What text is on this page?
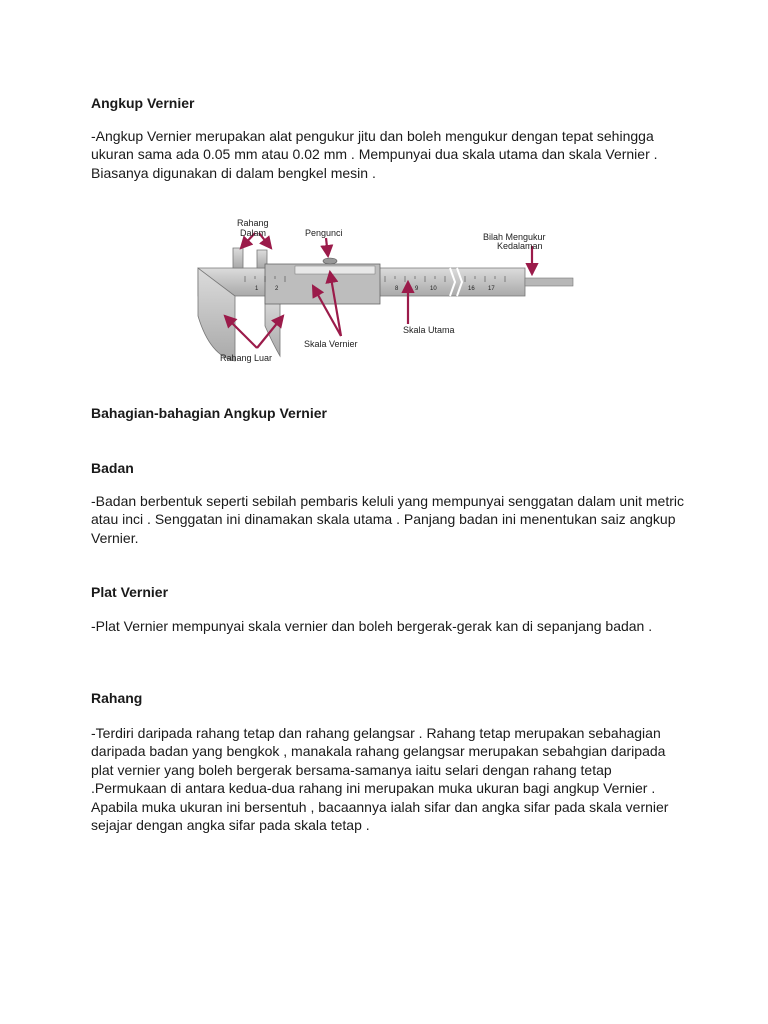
Angkup Vernier

-Angkup Vernier merupakan alat pengukur jitu dan boleh mengukur dengan tepat sehingga ukuran sama ada 0.05 mm atau 0.02 mm . Mempunyai dua skala utama dan skala Vernier . Biasanya digunakan di dalam bengkel mesin .

1	2	8	9 10	16 17
Rahang
Dalam	Pengunci	Bilah Mengukur
Kedalaman
Skala Utama
Skala Vernier
Rahang Luar

Bahagian-bahagian Angkup Vernier

Badan

-Badan berbentuk seperti sebilah pembaris keluli yang mempunyai senggatan dalam unit metric atau inci . Senggatan ini dinamakan skala utama . Panjang badan ini menentukan saiz angkup Vernier.

Plat Vernier

-Plat Vernier mempunyai skala vernier dan boleh bergerak-gerak kan di sepanjang badan .

Rahang

-Terdiri daripada rahang tetap dan rahang gelangsar . Rahang tetap merupakan sebahagian daripada badan yang bengkok , manakala rahang gelangsar merupakan sebahgian daripada plat vernier yang boleh bergerak bersama-samanya iaitu selari dengan rahang tetap .Permukaan di antara kedua-dua rahang ini merupakan muka ukuran bagi angkup Vernier . Apabila muka ukuran ini bersentuh , bacaannya ialah sifar dan angka sifar pada skala vernier sejajar dengan angka sifar pada skala tetap .
